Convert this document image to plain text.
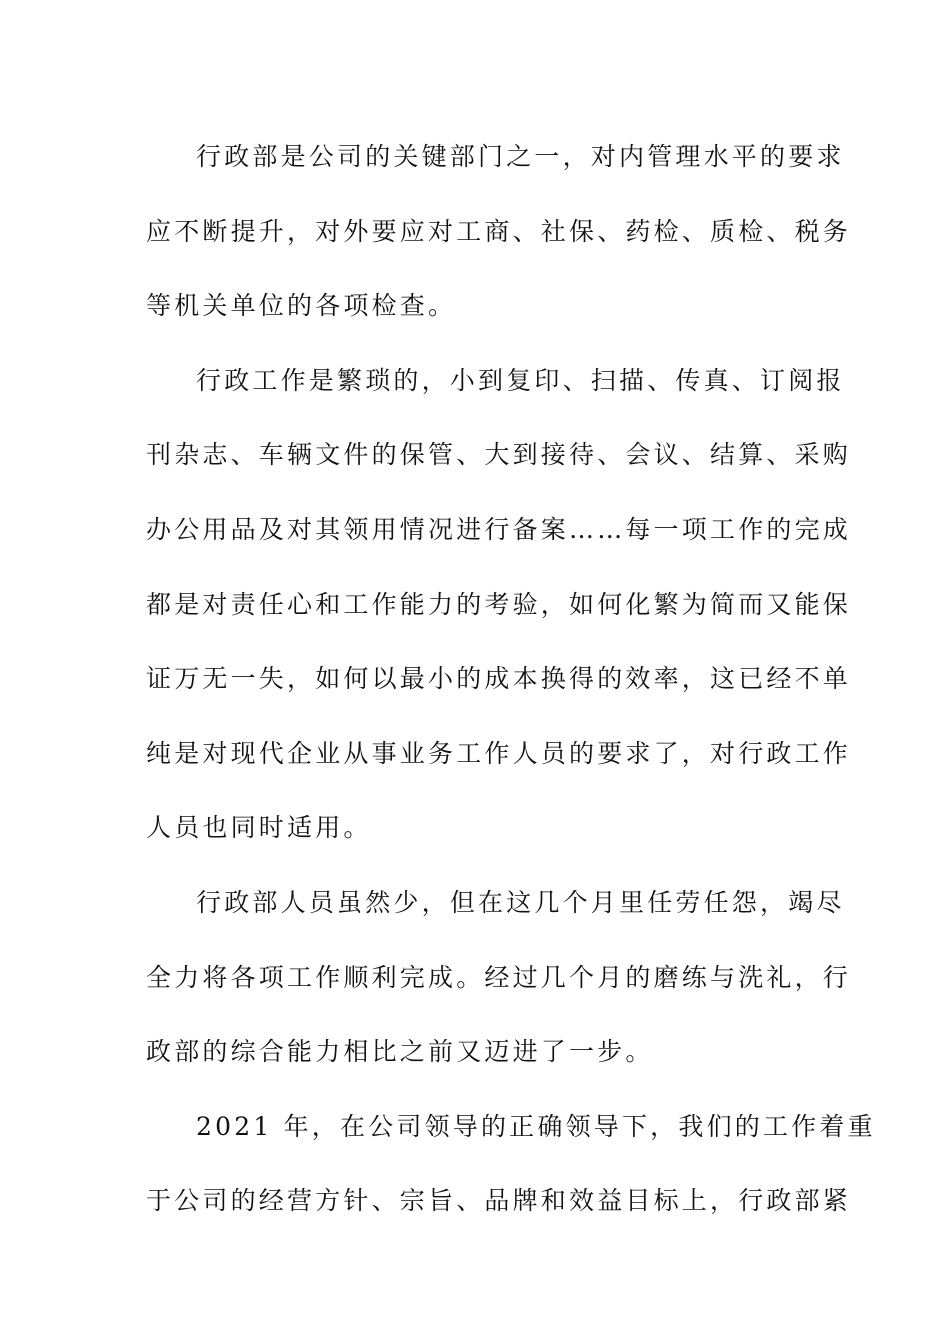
行政部是公司的关键部门之一，对内管理水平的要求
应不断提升，对外要应对工商、社保、药检、质检、税务
等机关单位的各项检查。
行政工作是繁琐的，小到复印、扫描、传真、订阅报
刊杂志、车辆文件的保管、大到接待、会议、结算、采购
办公用品及对其领用情况进行备案……每一项工作的完成
都是对责任心和工作能力的考验，如何化繁为简而又能保
证万无一失，如何以最小的成本换得的效率，这已经不单
纯是对现代企业从事业务工作人员的要求了，对行政工作
人员也同时适用。
行政部人员虽然少，但在这几个月里任劳任怨，竭尽
全力将各项工作顺利完成。经过几个月的磨练与洗礼，行
政部的综合能力相比之前又迈进了一步。
2021 年，在公司领导的正确领导下，我们的工作着重
于公司的经营方针、宗旨、品牌和效益目标上，行政部紧
